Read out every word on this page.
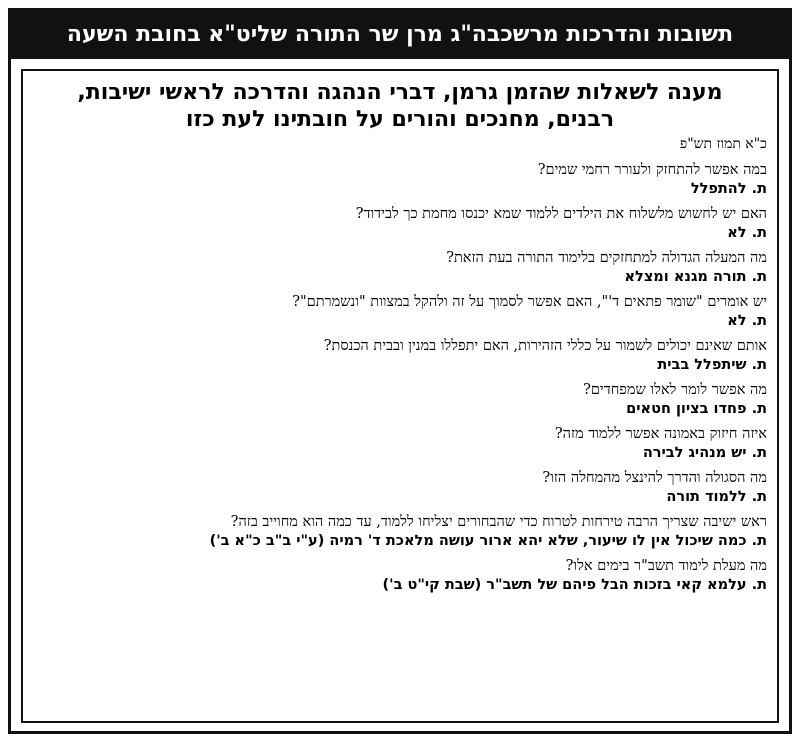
תשובות והדרכות מרשכבה"ג מרן שר התורה שליט"א בחובת השעה
מענה לשאלות שהזמן גרמן, דברי הנהגה והדרכה לראשי ישיבות,
רבנים, מחנכים והורים על חובתינו לעת כזו
כ"א תמוז תש"פ
במה אפשר להתחזק ולעורר רחמי שמים?
ת. להתפלל
האם יש לחשוש מלשלוח את הילדים ללמוד שמא יכנסו מחמת כך לבידוד?
ת. לא
מה המעלה הגדולה למתחזקים בלימוד התורה בעת הזאת?
ת. תורה מגנא ומצלא
יש אומרים "שומר פתאים ד'", האם אפשר לסמוך על זה ולהקל במצוות "ונשמרתם"?
ת. לא
אותם שאינם יכולים לשמור על כללי הזהירות, האם יתפללו במנין ובבית הכנסת?
ת. שיתפלל בבית
מה אפשר לומר לאלו שמפחדים?
ת. פחדו בציון חטאים
איזה חיזוק באמונה אפשר ללמוד מזה?
ת. יש מנהיג לבירה
מה הסגולה והדרך להינצל מהמחלה הזו?
ת. ללמוד תורה
ראש ישיבה שצריך הרבה טירחות לטרוח כדי שהבחורים יצליחו ללמוד, עד כמה הוא מחוייב בזה?
ת. כמה שיכול אין לו שיעור, שלא יהא ארור עושה מלאכת ד' רמיה (ע"י ב"ב כ"א ב')
מה מעלת לימוד תשב"ר בימים אלו?
ת. עלמא קאי בזכות הבל פיהם של תשב"ר (שבת קי"ט ב')
